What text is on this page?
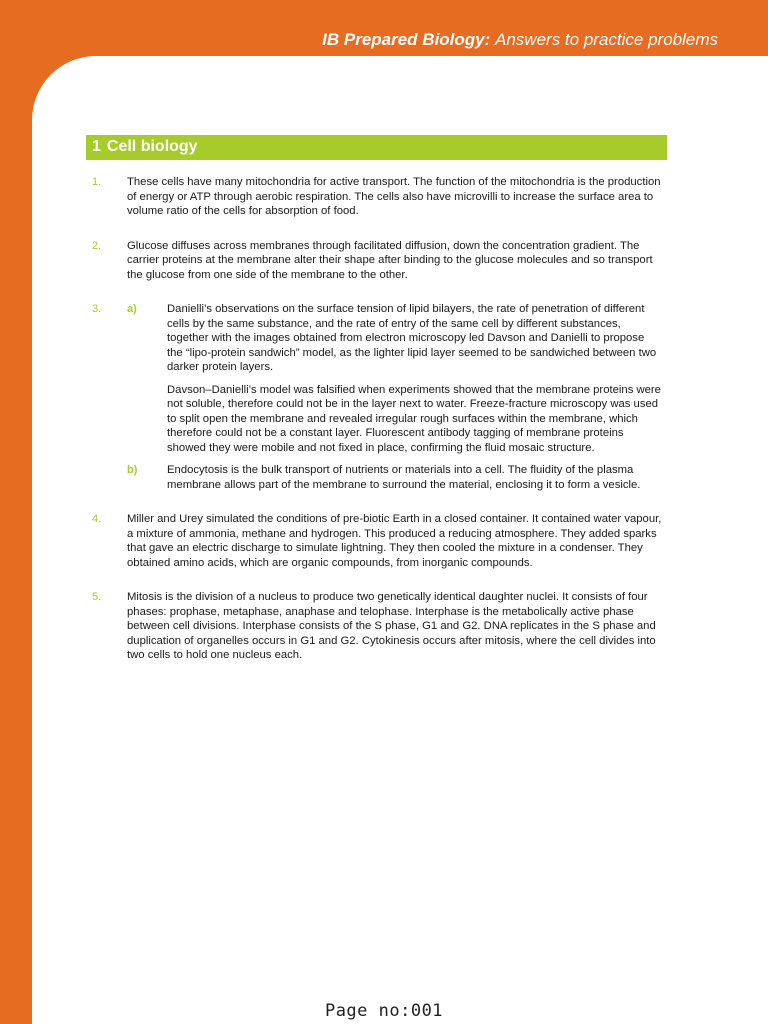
IB Prepared Biology: Answers to practice problems
1 Cell biology
1. These cells have many mitochondria for active transport. The function of the mitochondria is the production of energy or ATP through aerobic respiration. The cells also have microvilli to increase the surface area to volume ratio of the cells for absorption of food.

2. Glucose diffuses across membranes through facilitated diffusion, down the concentration gradient. The carrier proteins at the membrane alter their shape after binding to the glucose molecules and so transport the glucose from one side of the membrane to the other.

3. a)	Danielli’s observations on the surface tension of lipid bilayers, the rate of penetration of different cells by the same substance, and the rate of entry of the same cell by different substances, together with the images obtained from electron microscopy led Davson and Danielli to propose the “lipo-protein sandwich” model, as the lighter lipid layer seemed to be sandwiched between two darker protein layers.

Davson–Danielli’s model was falsified when experiments showed that the membrane proteins were not soluble, therefore could not be in the layer next to water. Freeze-fracture microscopy was used to split open the membrane and revealed irregular rough surfaces within the membrane, which therefore could not be a constant layer. Fluorescent antibody tagging of membrane proteins showed they were mobile and not fixed in place, confirming the fluid mosaic structure.

b)	Endocytosis is the bulk transport of nutrients or materials into a cell. The fluidity of the plasma membrane allows part of the membrane to surround the material, enclosing it to form a vesicle.

4. Miller and Urey simulated the conditions of pre-biotic Earth in a closed container. It contained water vapour, a mixture of ammonia, methane and hydrogen. This produced a reducing atmosphere. They added sparks that gave an electric discharge to simulate lightning. They then cooled the mixture in a condenser. They obtained amino acids, which are organic compounds, from inorganic compounds.

5. Mitosis is the division of a nucleus to produce two genetically identical daughter nuclei. It consists of four phases: prophase, metaphase, anaphase and telophase. Interphase is the metabolically active phase between cell divisions. Interphase consists of the S phase, G1 and G2. DNA replicates in the S phase and duplication of organelles occurs in G1 and G2. Cytokinesis occurs after mitosis, where the cell divides into two cells to hold one nucleus each.

Page no:001
